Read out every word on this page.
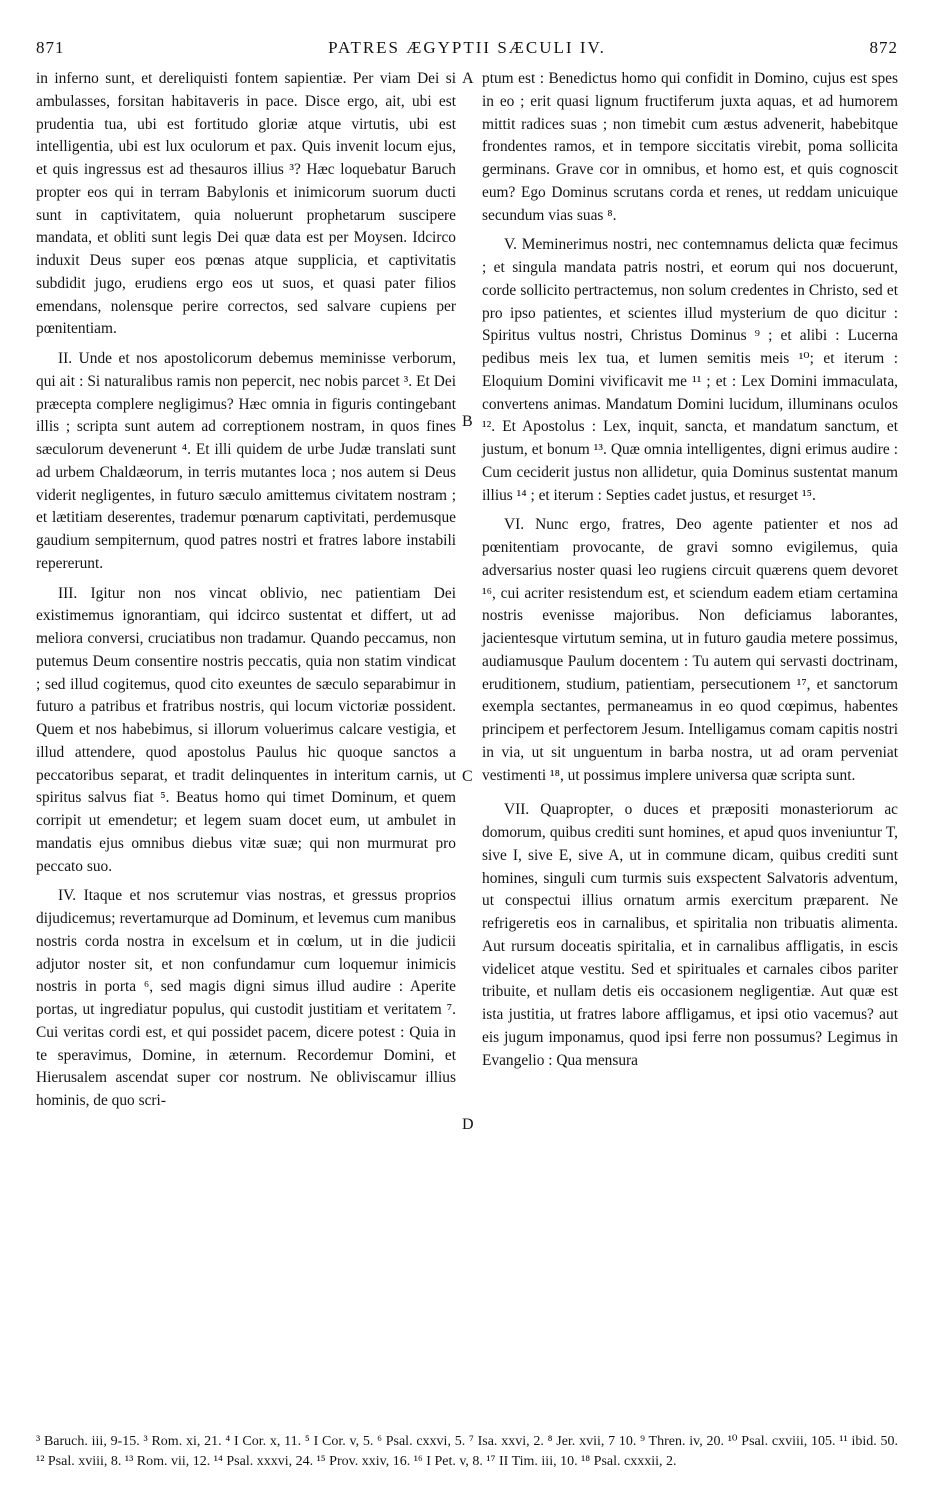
871	PATRES ÆGYPTII SÆCULI IV.	872

in inferno sunt, et dereliquisti fontem sapientiæ. Per viam Dei si ambulasses, forsitan habitaveris in pace. Disce ergo, ait, ubi est prudentia tua, ubi est fortitudo gloriæ atque virtutis, ubi est intelligentia, ubi est lux oculorum et pax. Quis invenit locum ejus, et quis ingressus est ad thesauros illius ³? Hæc loquebatur Baruch propter eos qui in terram Babylonis et inimicorum suorum ducti sunt in captivitatem, quia noluerunt prophetarum suscipere mandata, et obliti sunt legis Dei quæ data est per Moysen. Idcirco induxit Deus super eos pœnas atque supplicia, et captivitatis subdidit jugo, erudiens ergo eos ut suos, et quasi pater filios emendans, nolensque perire correctos, sed salvare cupiens per pœnitentiam.

II. Unde et nos apostolicorum debemus meminisse verborum, qui ait : Si naturalibus ramis non pepercit, nec nobis parcet ³. Et Dei præcepta complere negligimus? Hæc omnia in figuris contingebant illis ; scripta sunt autem ad correptionem nostram, in quos fines sæculorum devenerunt ⁴. Et illi quidem de urbe Judæ translati sunt ad urbem Chaldæorum, in terris mutantes loca ; nos autem si Deus viderit negligentes, in futuro sæculo amittemus civitatem nostram ; et lætitiam deserentes, trademur pœnarum captivitati, perdemusque gaudium sempiternum, quod patres nostri et fratres labore instabili repererunt.

III. Igitur non nos vincat oblivio, nec patientiam Dei existimemus ignorantiam, qui idcirco sustentat et differt, ut ad meliora conversi, cruciatibus non tradamur. Quando peccamus, non putemus Deum consentire nostris peccatis, quia non statim vindicat ; sed illud cogitemus, quod cito exeuntes de sæculo separabimur in futuro a patribus et fratribus nostris, qui locum victoriæ possident. Quem et nos habebimus, si illorum voluerimus calcare vestigia, et illud attendere, quod apostolus Paulus hic quoque sanctos a peccatoribus separat, et tradit delinquentes in interitum carnis, ut spiritus salvus fiat ⁵. Beatus homo qui timet Dominum, et quem corripit ut emendetur; et legem suam docet eum, ut ambulet in mandatis ejus omnibus diebus vitæ suæ; qui non murmurat pro peccato suo.

IV. Itaque et nos scrutemur vias nostras, et gressus proprios dijudicemus; revertamurque ad Dominum, et levemus cum manibus nostris corda nostra in excelsum et in cœlum, ut in die judicii adjutor noster sit, et non confundamur cum loquemur inimicis nostris in porta ⁶, sed magis digni simus illud audire : Aperite portas, ut ingrediatur populus, qui custodit justitiam et veritatem ⁷. Cui veritas cordi est, et qui possidet pacem, dicere potest : Quia in te speravimus, Domine, in æternum. Recordemur Domini, et Hierusalem ascendat super cor nostrum. Ne obliviscamur illius hominis, de quo scri-

A
B
C
D

ptum est : Benedictus homo qui confidit in Domino, cujus est spes in eo ; erit quasi lignum fructiferum juxta aquas, et ad humorem mittit radices suas ; non timebit cum æstus advenerit, habebitque frondentes ramos, et in tempore siccitatis virebit, poma sollicita germinans. Grave cor in omnibus, et homo est, et quis cognoscit eum? Ego Dominus scrutans corda et renes, ut reddam unicuique secundum vias suas ⁸.

V. Meminerimus nostri, nec contemnamus delicta quæ fecimus ; et singula mandata patris nostri, et eorum qui nos docuerunt, corde sollicito pertractemus, non solum credentes in Christo, sed et pro ipso patientes, et scientes illud mysterium de quo dicitur : Spiritus vultus nostri, Christus Dominus ⁹ ; et alibi : Lucerna pedibus meis lex tua, et lumen semitis meis ¹⁰; et iterum : Eloquium Domini vivificavit me ¹¹ ; et : Lex Domini immaculata, convertens animas. Mandatum Domini lucidum, illuminans oculos ¹². Et Apostolus : Lex, inquit, sancta, et mandatum sanctum, et justum, et bonum ¹³. Quæ omnia intelligentes, digni erimus audire : Cum ceciderit justus non allidetur, quia Dominus sustentat manum illius ¹⁴ ; et iterum : Septies cadet justus, et resurget ¹⁵.

VI. Nunc ergo, fratres, Deo agente patienter et nos ad pœnitentiam provocante, de gravi somno evigilemus, quia adversarius noster quasi leo rugiens circuit quærens quem devoret ¹⁶, cui acriter resistendum est, et sciendum eadem etiam certamina nostris evenisse majoribus. Non deficiamus laborantes, jacientesque virtutum semina, ut in futuro gaudia metere possimus, audiamusque Paulum docentem : Tu autem qui servasti doctrinam, eruditionem, studium, patientiam, persecutionem ¹⁷, et sanctorum exempla sectantes, permaneamus in eo quod cœpimus, habentes principem et perfectorem Jesum. Intelligamus comam capitis nostri in via, ut sit unguentum in barba nostra, ut ad oram perveniat vestimenti ¹⁸, ut possimus implere universa quæ scripta sunt.

VII. Quapropter, o duces et præpositi monasteriorum ac domorum, quibus crediti sunt homines, et apud quos inveniuntur T, sive I, sive E, sive A, ut in commune dicam, quibus crediti sunt homines, singuli cum turmis suis exspectent Salvatoris adventum, ut conspectui illius ornatum armis exercitum præparent. Ne refrigeretis eos in carnalibus, et spiritalia non tribuatis alimenta. Aut rursum doceatis spiritalia, et in carnalibus affligatis, in escis videlicet atque vestitu. Sed et spirituales et carnales cibos pariter tribuite, et nullam detis eis occasionem negligentiæ. Aut quæ est ista justitia, ut fratres labore affligamus, et ipsi otio vacemus? aut eis jugum imponamus, quod ipsi ferre non possumus? Legimus in Evangelio : Qua mensura

³ Baruch. iii, 9-15. ³ Rom. xi, 21. ⁴ I Cor. x, 11. ⁵ I Cor. v, 5. ⁶ Psal. cxxvi, 5. ⁷ Isa. xxvi, 2. ⁸ Jer. xvii, 7 10. ⁹ Thren. iv, 20. ¹⁰ Psal. cxviii, 105. ¹¹ ibid. 50. ¹² Psal. xviii, 8. ¹³ Rom. vii, 12. ¹⁴ Psal. xxxvi, 24. ¹⁵ Prov. xxiv, 16. ¹⁶ I Pet. v, 8. ¹⁷ II Tim. iii, 10. ¹⁸ Psal. cxxxii, 2.
